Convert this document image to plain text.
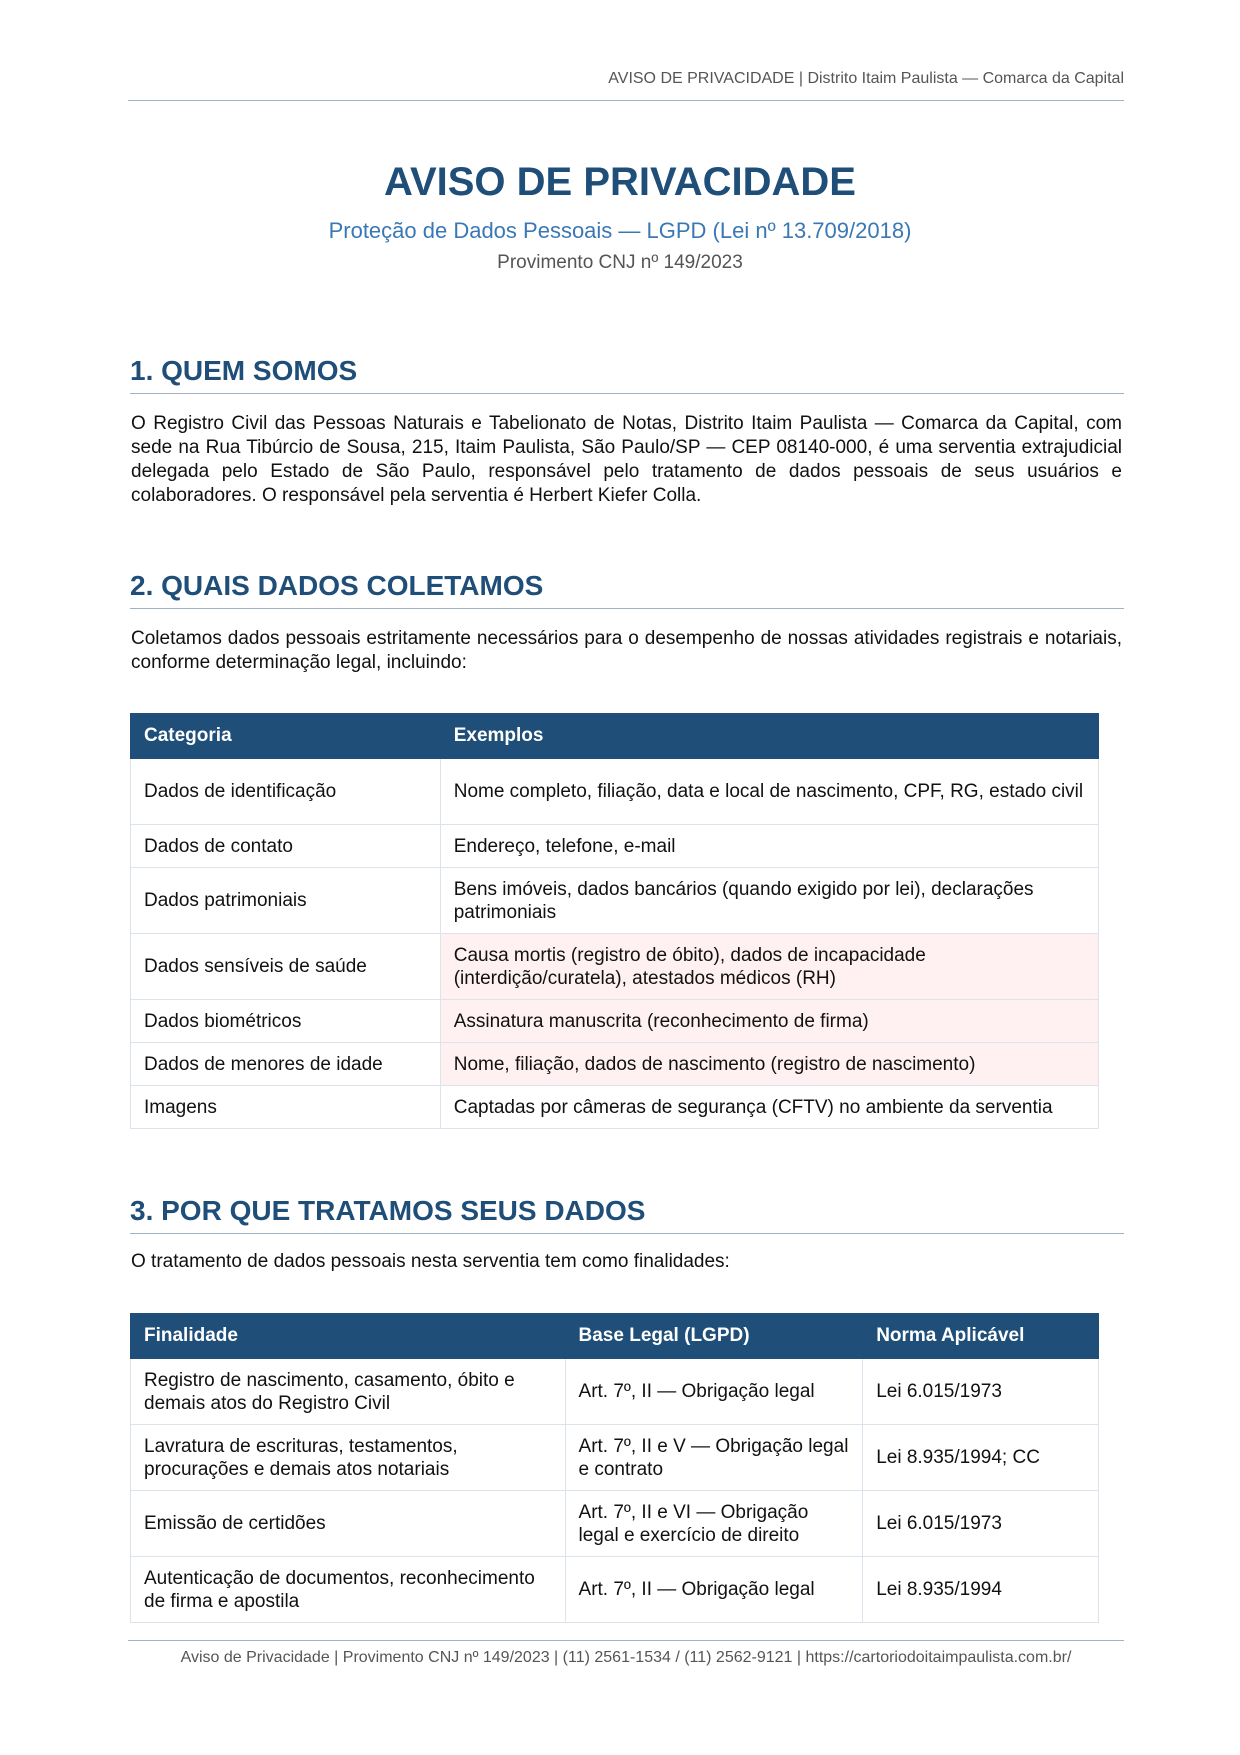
AVISO DE PRIVACIDADE | Distrito Itaim Paulista — Comarca da Capital
AVISO DE PRIVACIDADE
Proteção de Dados Pessoais — LGPD (Lei nº 13.709/2018)
Provimento CNJ nº 149/2023
1. QUEM SOMOS

O Registro Civil das Pessoas Naturais e Tabelionato de Notas, Distrito Itaim Paulista — Comarca da Capital, com sede na Rua Tibúrcio de Sousa, 215, Itaim Paulista, São Paulo/SP — CEP 08140-000, é uma serventia extrajudicial delegada pelo Estado de São Paulo, responsável pelo tratamento de dados pessoais de seus usuários e colaboradores. O responsável pela serventia é Herbert Kiefer Colla.

2. QUAIS DADOS COLETAMOS

Coletamos dados pessoais estritamente necessários para o desempenho de nossas atividades registrais e notariais, conforme determinação legal, incluindo:

Categoria	Exemplos
Dados de identificação	Nome completo, filiação, data e local de nascimento, CPF, RG, estado civil
Dados de contato	Endereço, telefone, e-mail
Dados patrimoniais	Bens imóveis, dados bancários (quando exigido por lei), declarações patrimoniais
Dados sensíveis de saúde	Causa mortis (registro de óbito), dados de incapacidade (interdição/curatela), atestados médicos (RH)
Dados biométricos	Assinatura manuscrita (reconhecimento de firma)
Dados de menores de idade	Nome, filiação, dados de nascimento (registro de nascimento)
Imagens	Captadas por câmeras de segurança (CFTV) no ambiente da serventia
3. POR QUE TRATAMOS SEUS DADOS

O tratamento de dados pessoais nesta serventia tem como finalidades:

Finalidade	Base Legal (LGPD)	Norma Aplicável
Registro de nascimento, casamento, óbito e demais atos do Registro Civil	Art. 7º, II — Obrigação legal	Lei 6.015/1973
Lavratura de escrituras, testamentos, procurações e demais atos notariais	Art. 7º, II e V — Obrigação legal e contrato	Lei 8.935/1994; CC
Emissão de certidões	Art. 7º, II e VI — Obrigação legal e exercício de direito	Lei 6.015/1973
Autenticação de documentos, reconhecimento de firma e apostila	Art. 7º, II — Obrigação legal	Lei 8.935/1994
Aviso de Privacidade | Provimento CNJ nº 149/2023 | (11) 2561-1534 / (11) 2562-9121 | https://cartoriodoitaimpaulista.com.br/
